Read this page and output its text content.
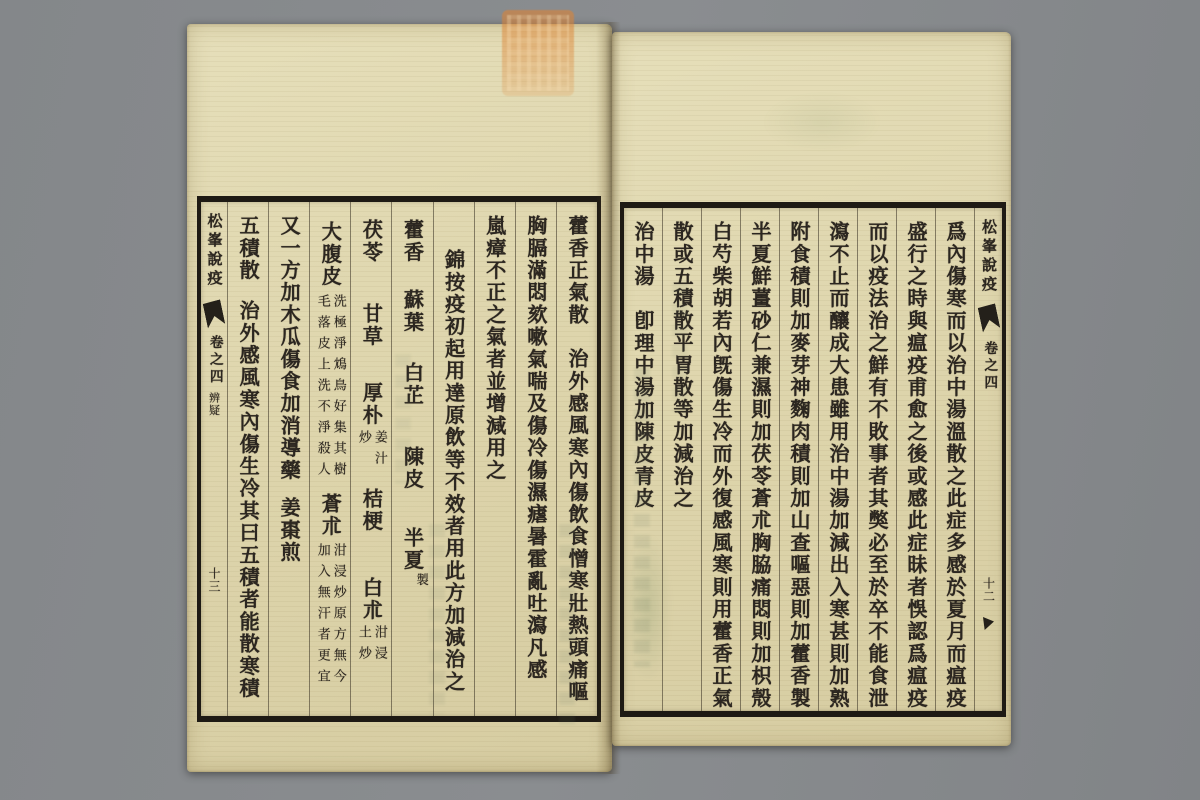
藿香正氣散
治外感風寒內傷飲食憎寒壯熱頭痛嘔
胸膈滿悶欬嗽氣喘及傷冷傷濕瘧暑霍亂吐瀉凡感
嵐瘴不正之氣者並增減用之
錦按疫初起用達原飲等不效者用此方加減治之
藿香
蘇葉
白芷
陳皮
半夏
製
茯苓
甘草
厚朴
姜汁
炒
桔梗
白朮
泔浸
土炒
大腹皮
洗極淨鴆鳥好集其樹
毛落皮上洗不淨殺人
蒼朮
泔浸炒原方無今
加入無汗者更宜
又一方加木瓜傷食加消導藥
姜棗煎
五積散
治外感風寒內傷生冷其曰五積者能散寒積
松峯說疫
卷之四
辨疑
十三
松峯說疫
卷之四
十二
爲內傷寒而以治中湯溫散之此症多感於夏月而瘟疫
盛行之時與瘟疫甫愈之後或感此症昧者悞認爲瘟疫
而以疫法治之鮮有不敗事者其獘必至於卒不能食泄
瀉不止而釀成大患雖用治中湯加減出入寒甚則加熟
附食積則加麥芽神麴肉積則加山查嘔惡則加藿香製
半夏鮮薑砂仁兼濕則加茯苓蒼朮胸脇痛悶則加枳殼
白芍柴胡若內旣傷生冷而外復感風寒則用藿香正氣
散或五積散平胃散等加減治之
治中湯
卽理中湯加陳皮青皮
